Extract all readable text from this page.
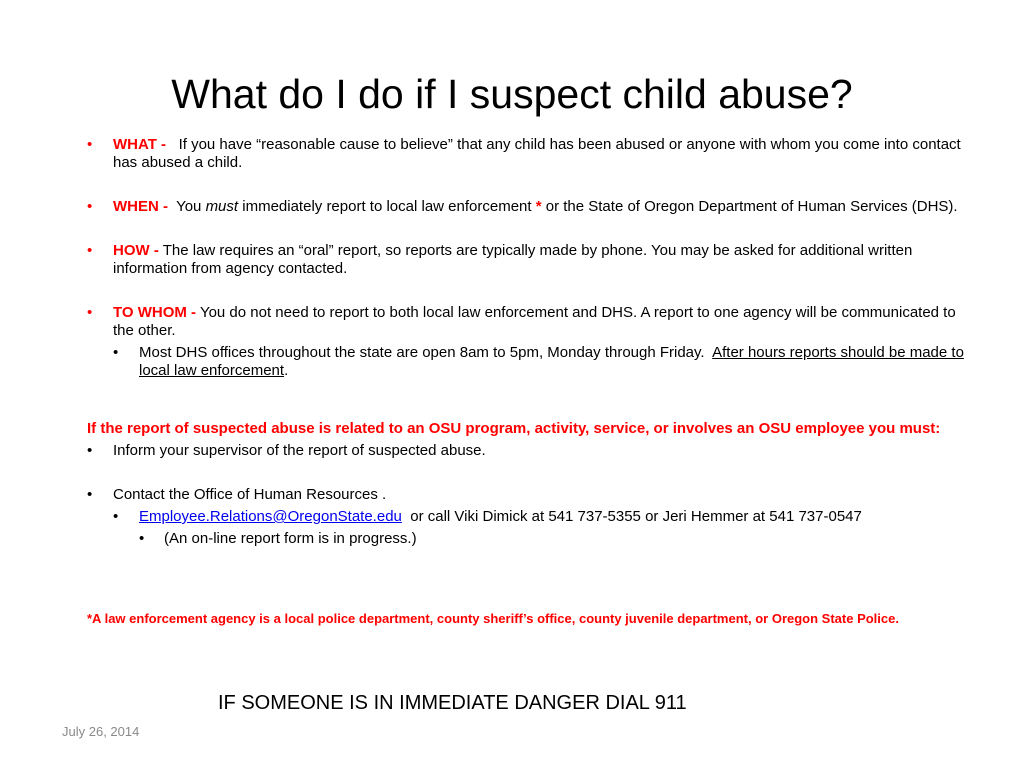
What do I do if I suspect child abuse?
• WHAT - If you have “reasonable cause to believe” that any child has been abused or anyone with whom you come into contact has abused a child.
• WHEN - You must immediately report to local law enforcement * or the State of Oregon Department of Human Services (DHS).
• HOW - The law requires an “oral” report, so reports are typically made by phone. You may be asked for additional written information from agency contacted.
• TO WHOM - You do not need to report to both local law enforcement and DHS. A report to one agency will be communicated to the other.
• Most DHS offices throughout the state are open 8am to 5pm, Monday through Friday. After hours reports should be made to local law enforcement.
If the report of suspected abuse is related to an OSU program, activity, service, or involves an OSU employee you must:
• Inform your supervisor of the report of suspected abuse.
• Contact the Office of Human Resources .
• Employee.Relations@OregonState.edu or call Viki Dimick at 541 737-5355 or Jeri Hemmer at 541 737-0547
• (An on-line report form is in progress.)
*A law enforcement agency is a local police department, county sheriff’s office, county juvenile department, or Oregon State Police.
IF SOMEONE IS IN IMMEDIATE DANGER DIAL 911
July 26, 2014
